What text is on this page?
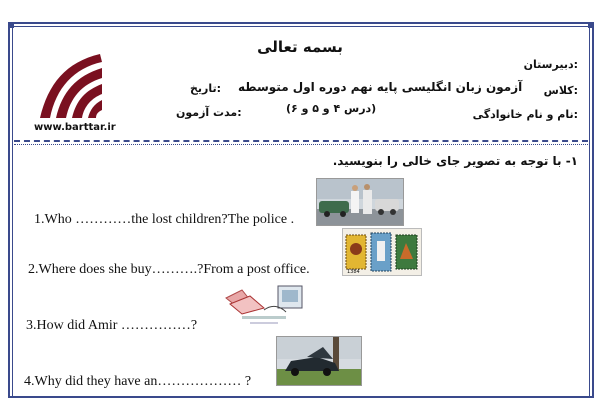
www.barttar.ir
بسمه تعالی
دبیرستان:
کلاس:
نام و نام خانوادگی:
آزمون زبان انگلیسی پایه نهم دوره اول متوسطه
(درس ۴ و ۵ و ۶)
تاریخ:
مدت آزمون:
۱- با توجه به تصویر جای خالی را بنویسید.
1.Who …………the lost children?The police .
2.Where does she buy……….?From a post office.
3.How did Amir ……………?
4.Why did they have an……………… ?
1384
